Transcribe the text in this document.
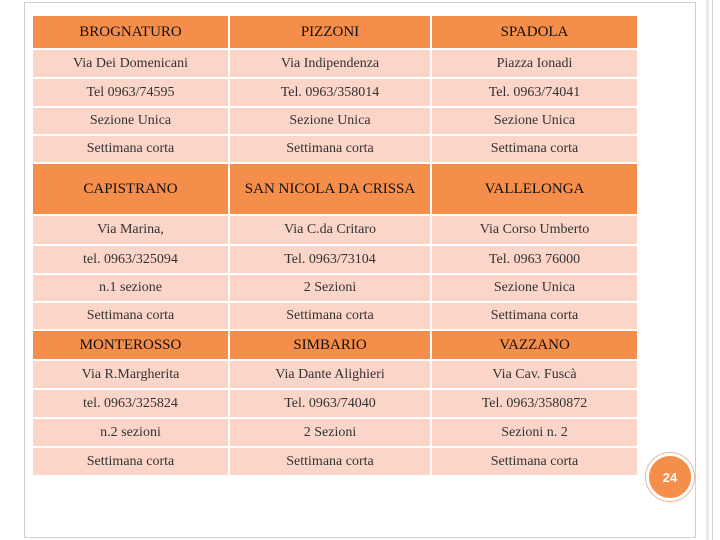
BROGNATURO	PIZZONI	SPADOLA
Via Dei Domenicani	Via Indipendenza	Piazza Ionadi
Tel 0963/74595	Tel. 0963/358014	Tel. 0963/74041
Sezione Unica	Sezione Unica	Sezione Unica
Settimana corta	Settimana corta	Settimana corta
CAPISTRANO	SAN NICOLA DA CRISSA	VALLELONGA
Via Marina,	Via C.da Critaro	Via Corso Umberto
tel. 0963/325094	Tel. 0963/73104	Tel. 0963 76000
n.1 sezione	2 Sezioni	Sezione Unica
Settimana corta	Settimana corta	Settimana corta
MONTEROSSO	SIMBARIO	VAZZANO
Via R.Margherita	Via Dante Alighieri	Via Cav. Fuscà
tel. 0963/325824	Tel. 0963/74040	Tel. 0963/3580872
n.2 sezioni	2 Sezioni	Sezioni n. 2
Settimana corta	Settimana corta	Settimana corta
24
